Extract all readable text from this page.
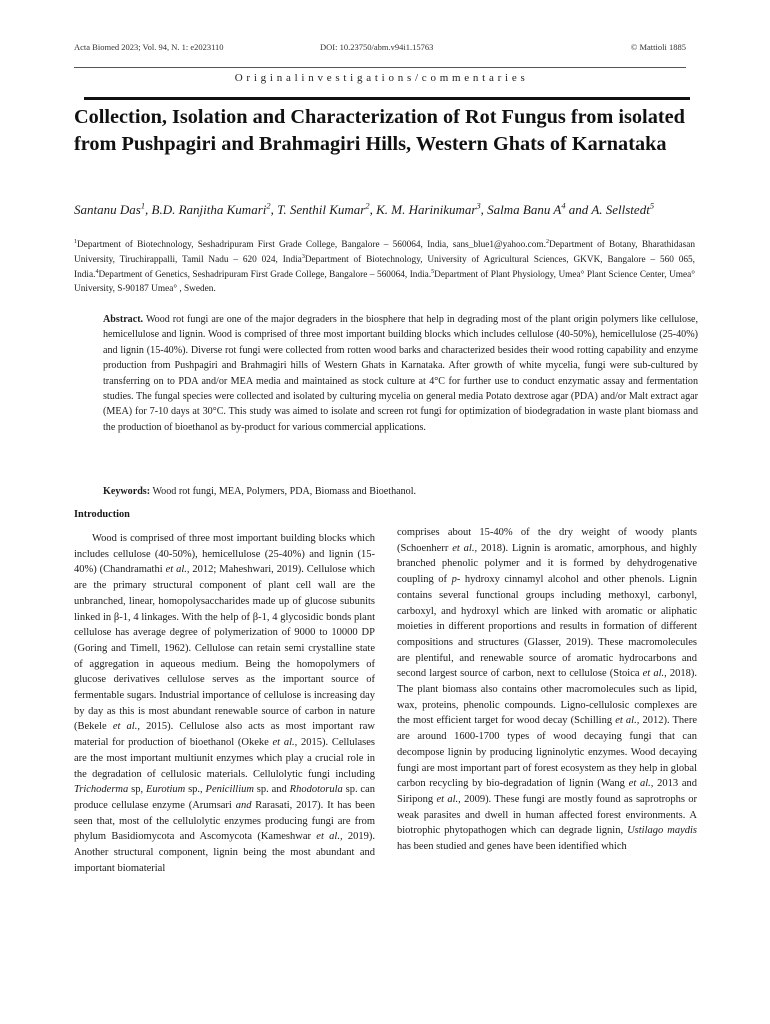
Acta Biomed 2023; Vol. 94, N. 1: e2023110	DOI: 10.23750/abm.v94i1.15763	© Mattioli 1885
O r i g i n a l i n v e s t i g a t i o n s / c o m m e n t a r i e s
Collection, Isolation and Characterization of Rot Fungus from isolated from Pushpagiri and Brahmagiri Hills, Western Ghats of Karnataka

Santanu Das$^1$, B.D. Ranjitha Kumari$^2$, T. Senthil Kumar$^2$, K. M. Harinikumar$^3$, Salma Banu $A^4$ and A. Sellstedt$^5$

$^1$Department of Biotechnology, Seshadripuram First Grade College, Bangalore – 560064, India, sans_blue1@yahoo.com.$^2$Department of Botany, Bharathidasan University, Tiruchirappalli, Tamil Nadu – 620 024, India$^3$Department of Biotechnology, University of Agricultural Sciences, GKVK, Bangalore – 560 065, India.$^4$Department of Genetics, Seshadripuram First Grade College, Bangalore – 560064, India.$^5$Department of Plant Physiology, Umea° Plant Science Center, Umea° University, S-90187 Umea° , Sweden.

Abstract. Wood rot fungi are one of the major degraders in the biosphere that help in degrading most of the plant origin polymers like cellulose, hemicellulose and lignin. Wood is comprised of three most important building blocks which includes cellulose (40-50%), hemicellulose (25-40%) and lignin (15-40%). Diverse rot fungi were collected from rotten wood barks and characterized besides their wood rotting capability and enzyme production from Pushpagiri and Brahmagiri hills of Western Ghats in Karnataka. After growth of white mycelia, fungi were sub-cultured by transferring on to PDA and/or MEA media and maintained as stock culture at 4°C for further use to conduct enzymatic assay and fermentation studies. The fungal species were collected and isolated by culturing mycelia on general media Potato dextrose agar (PDA) and/or Malt extract agar (MEA) for 7-10 days at 30°C. This study was aimed to isolate and screen rot fungi for optimization of biodegradation in waste plant biomass and the production of bioethanol as by-product for various commercial applications.

Keywords: Wood rot fungi, MEA, Polymers, PDA, Biomass and Bioethanol.

Introduction

Wood is comprised of three most important building blocks which includes cellulose (40-50%), hemicellulose (25-40%) and lignin (15-40%) (Chandramathi et al., 2012; Maheshwari, 2019). Cellulose which are the primary structural component of plant cell wall are the unbranched, linear, homopolysaccharides made up of glucose subunits linked in β-1, 4 linkages. With the help of β-1, 4 glycosidic bonds plant cellulose has average degree of polymerization of 9000 to 10000 DP (Goring and Timell, 1962). Cellulose can retain semi crystalline state of aggregation in aqueous medium. Being the homopolymers of glucose derivatives cellulose serves as the important source of fermentable sugars. Industrial importance of cellulose is increasing day by day as this is most abundant renewable source of carbon in nature (Bekele et al., 2015). Cellulose also acts as most important raw material for production of bioethanol (Okeke et al., 2015). Cellulases are the most important multiunit enzymes which play a crucial role in the degradation of cellulosic materials. Cellulolytic fungi including Trichoderma sp, Eurotium sp., Penicillium sp. and Rhodotorula sp. can produce cellulase enzyme (Arumsari and Rarasati, 2017). It has been seen that, most of the cellulolytic enzymes producing fungi are from phylum Basidiomycota and Ascomycota (Kameshwar et al., 2019). Another structural component, lignin being the most abundant and important biomaterial

comprises about 15-40% of the dry weight of woody plants (Schoenherr et al., 2018). Lignin is aromatic, amorphous, and highly branched phenolic polymer and it is formed by dehydrogenative coupling of p- hydroxy cinnamyl alcohol and other phenols. Lignin contains several functional groups including methoxyl, carbonyl, carboxyl, and hydroxyl which are linked with aromatic or aliphatic moieties in different proportions and results in formation of different compositions and structures (Glasser, 2019). These macromolecules are plentiful, and renewable source of aromatic hydrocarbons and second largest source of carbon, next to cellulose (Stoica et al., 2018). The plant biomass also contains other macromolecules such as lipid, wax, proteins, phenolic compounds. Ligno-cellulosic complexes are the most efficient target for wood decay (Schilling et al., 2012). There are around 1600-1700 types of wood decaying fungi that can decompose lignin by producing ligninolytic enzymes. Wood decaying fungi are most important part of forest ecosystem as they help in global carbon recycling by bio-degradation of lignin (Wang et al., 2013 and Siripong et al., 2009). These fungi are mostly found as saprotrophs or weak parasites and dwell in human affected forest environments. A biotrophic phytopathogen which can degrade lignin, Ustilago maydis has been studied and genes have been identified which
